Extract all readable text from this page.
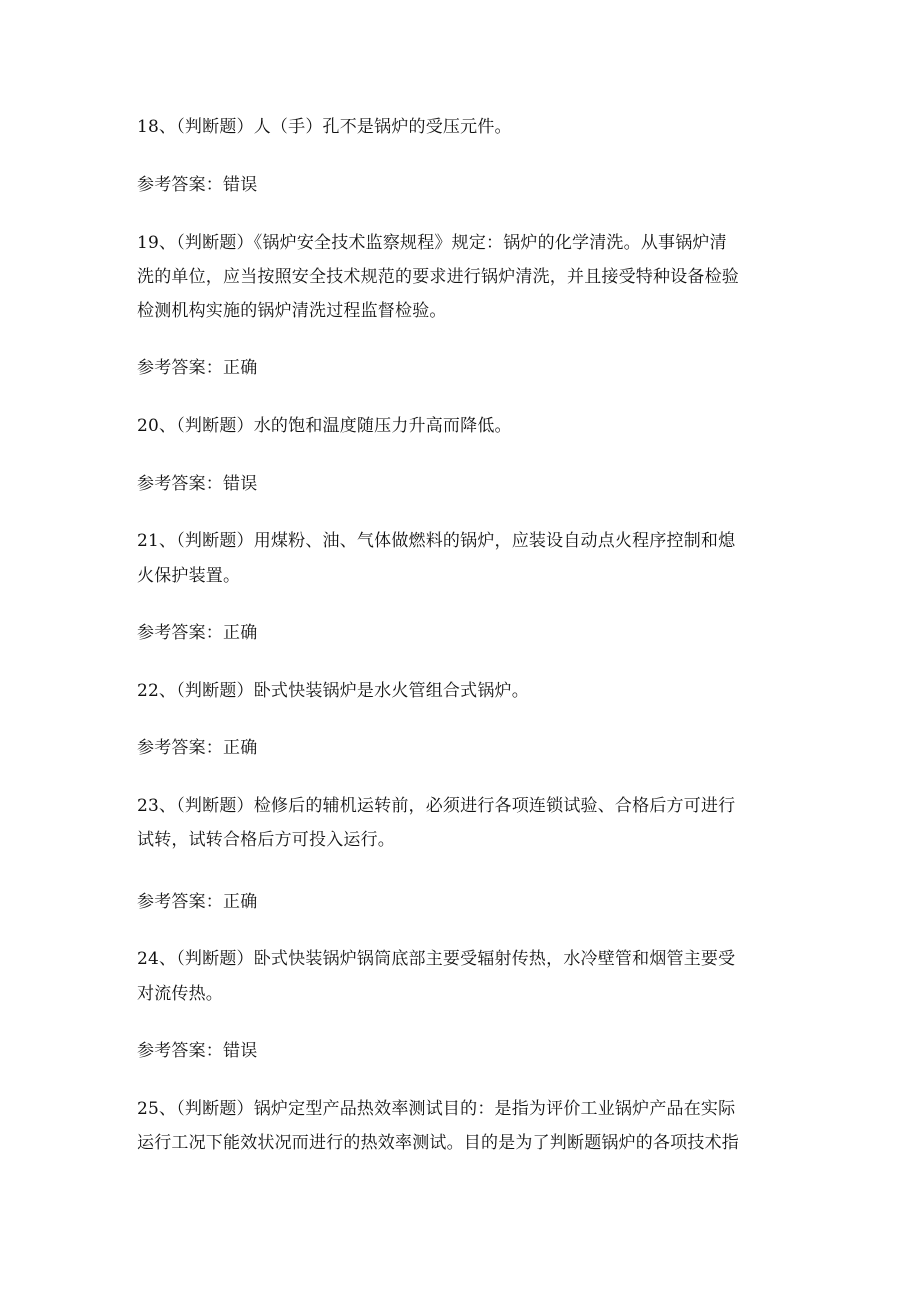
18、（判断题）人（手）孔不是锅炉的受压元件。
参考答案：错误
19、（判断题）《锅炉安全技术监察规程》规定：锅炉的化学清洗。从事锅炉清
洗的单位，应当按照安全技术规范的要求进行锅炉清洗，并且接受特种设备检验
检测机构实施的锅炉清洗过程监督检验。
参考答案：正确
20、（判断题）水的饱和温度随压力升高而降低。
参考答案：错误
21、（判断题）用煤粉、油、气体做燃料的锅炉，应装设自动点火程序控制和熄
火保护装置。
参考答案：正确
22、（判断题）卧式快装锅炉是水火管组合式锅炉。
参考答案：正确
23、（判断题）检修后的辅机运转前，必须进行各项连锁试验、合格后方可进行
试转，试转合格后方可投入运行。
参考答案：正确
24、（判断题）卧式快装锅炉锅筒底部主要受辐射传热，水冷壁管和烟管主要受
对流传热。
参考答案：错误
25、（判断题）锅炉定型产品热效率测试目的：是指为评价工业锅炉产品在实际
运行工况下能效状况而进行的热效率测试。目的是为了判断题锅炉的各项技术指
